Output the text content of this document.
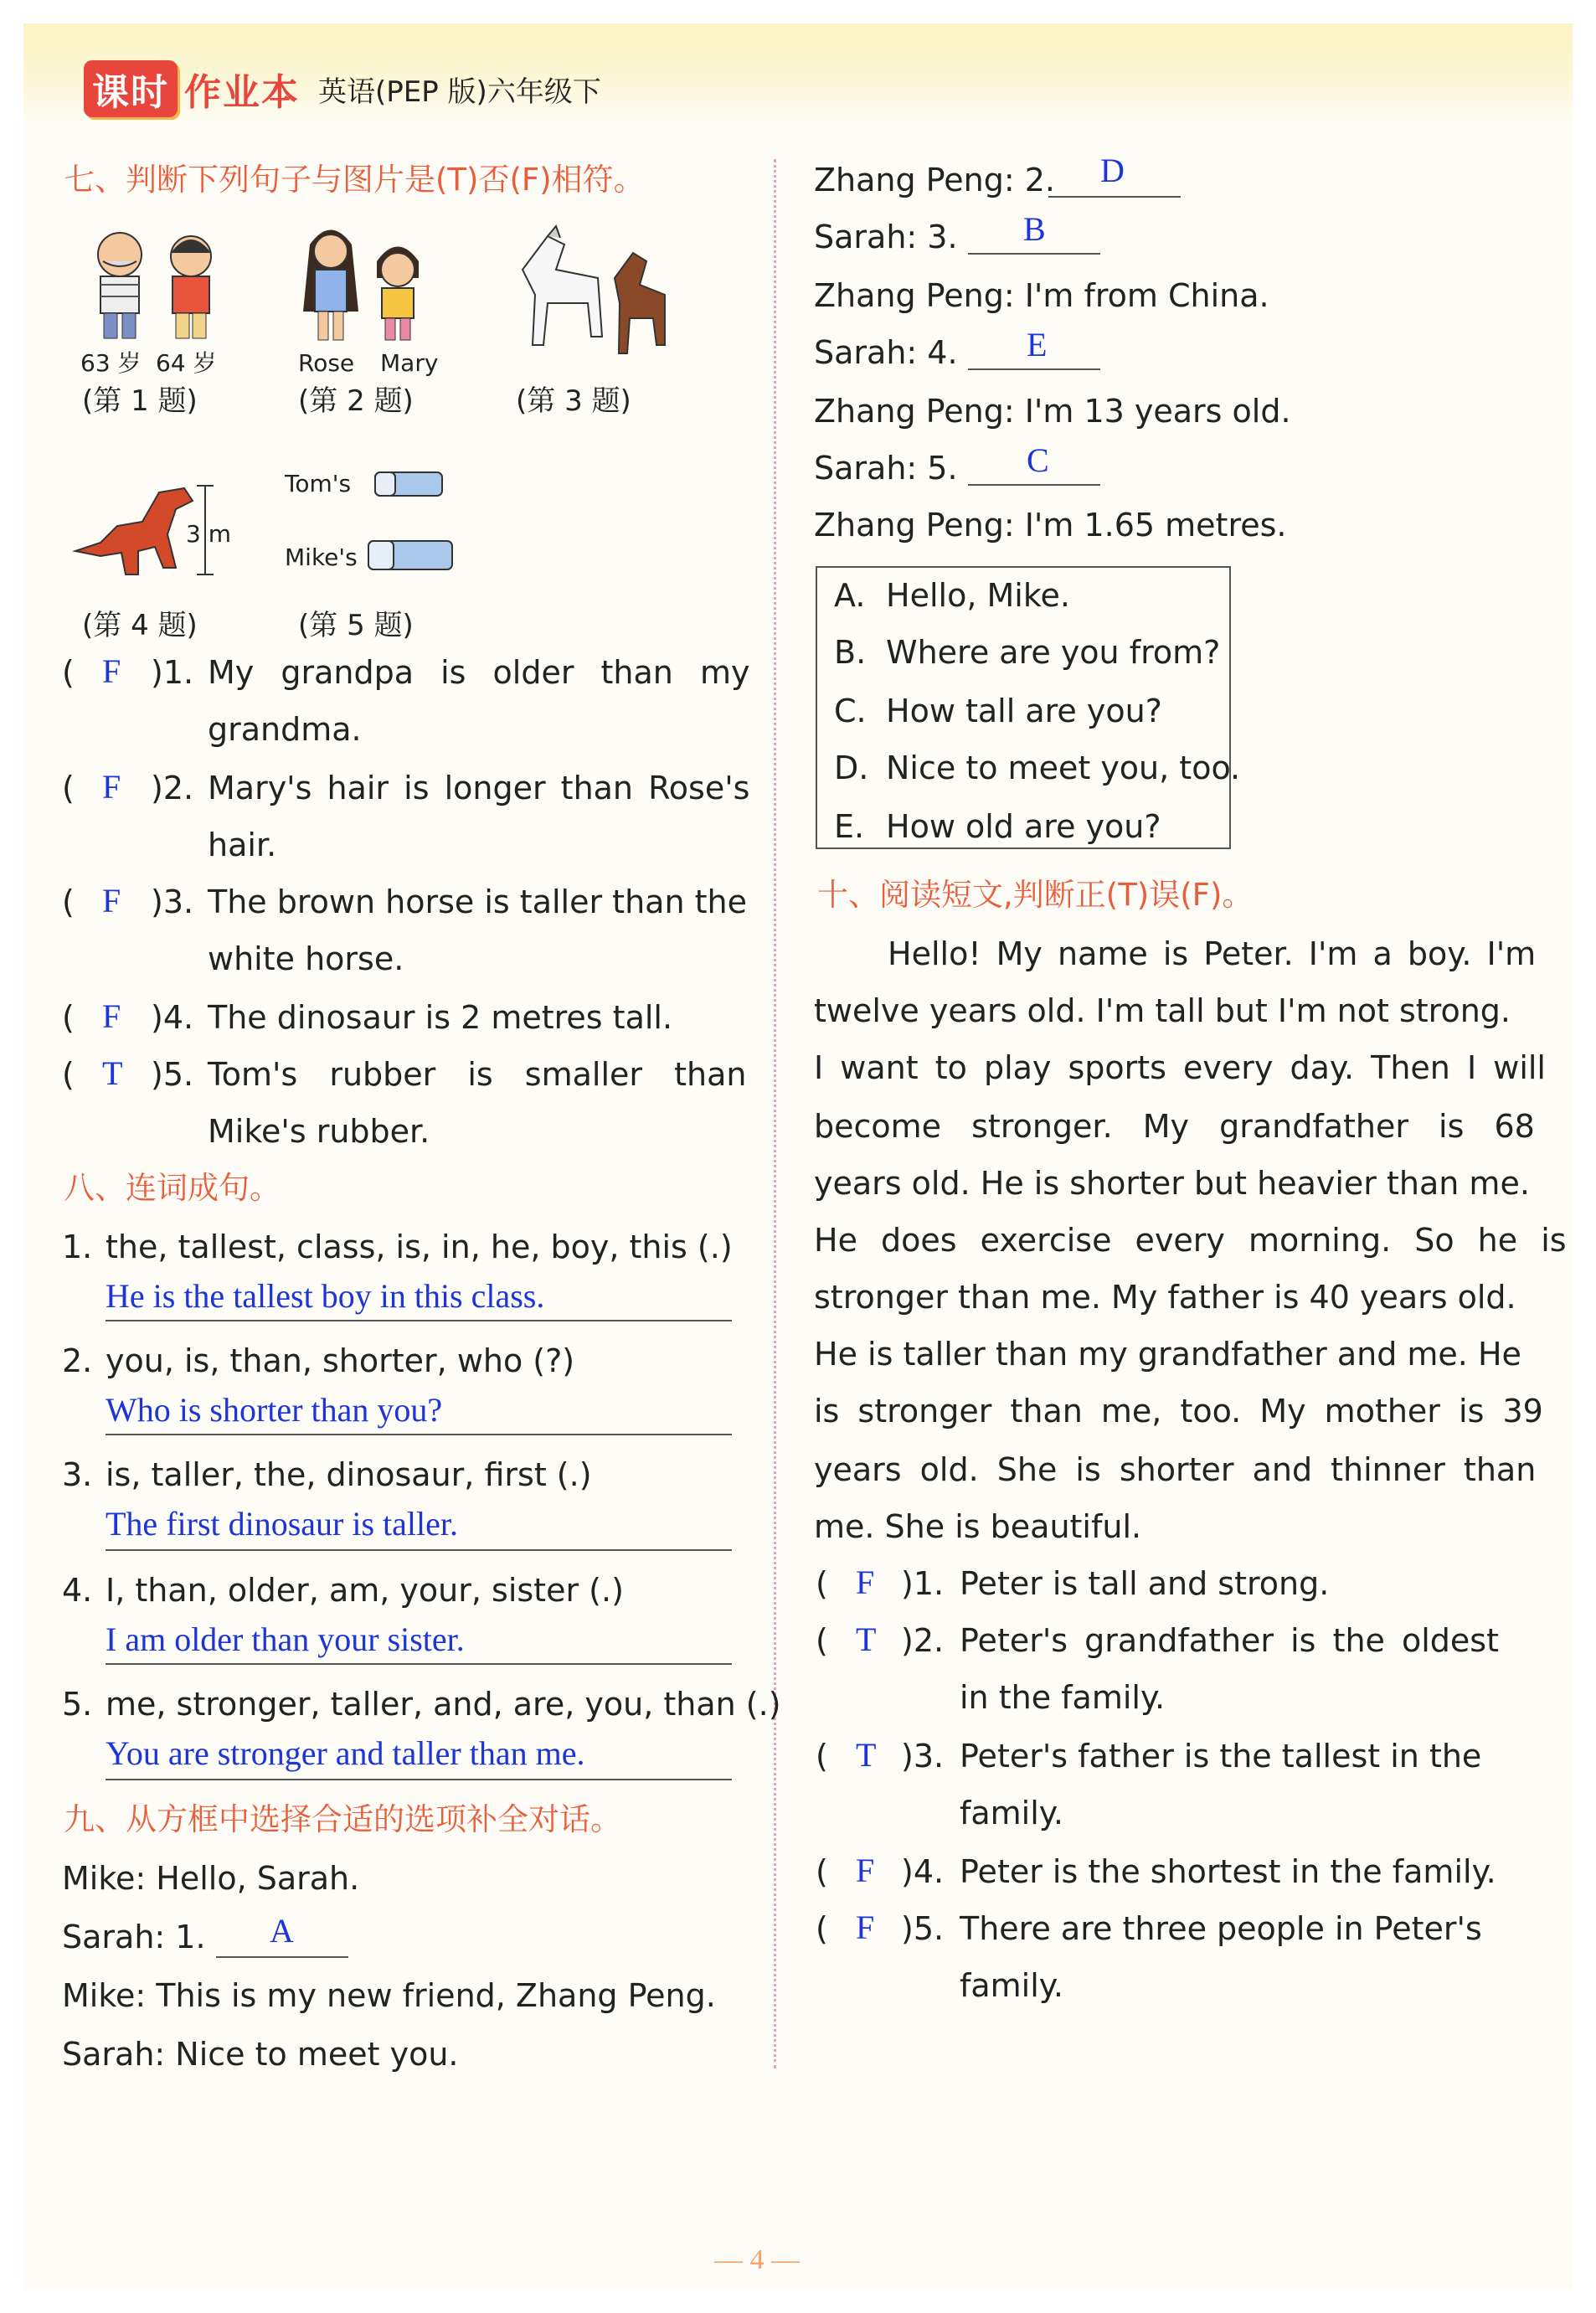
课时 作业本 英语(PEP 版)六年级下
七、判断下列句子与图片是(T)否(F)相符。
63 岁 64 岁	Rose Mary
(第 1 题)	(第 2 题)	(第 3 题)
3 m
Tom's
Mike's
(第 4 题)	(第 5 题)
( F )1. My grandpa is older than my
grandma.
( F )2. Mary's hair is longer than Rose's
hair.
( F )3. The brown horse is taller than the
white horse.
( F )4. The dinosaur is 2 metres tall.
( T )5. Tom's rubber is smaller than
Mike's rubber.
八、连词成句。
1. the, tallest, class, is, in, he, boy, this (.)
He is the tallest boy in this class.
2. you, is, than, shorter, who (?)
Who is shorter than you?
3. is, taller, the, dinosaur, first (.)
The first dinosaur is taller.
4. I, than, older, am, your, sister (.)
I am older than your sister.
5. me, stronger, taller, and, are, you, than (.)
You are stronger and taller than me.
九、从方框中选择合适的选项补全对话。
Mike: Hello, Sarah.
Sarah: 1. A
Mike: This is my new friend, Zhang Peng.
Sarah: Nice to meet you.
Zhang Peng: 2. D
Sarah: 3. B
Zhang Peng: I'm from China.
Sarah: 4. E
Zhang Peng: I'm 13 years old.
Sarah: 5. C
Zhang Peng: I'm 1.65 metres.
A. Hello, Mike.
B. Where are you from?
C. How tall are you?
D. Nice to meet you, too.
E. How old are you?
十、阅读短文,判断正(T)误(F)。
Hello! My name is Peter. I'm a boy. I'm
twelve years old. I'm tall but I'm not strong.
I want to play sports every day. Then I will
become stronger. My grandfather is 68
years old. He is shorter but heavier than me.
He does exercise every morning. So he is
stronger than me. My father is 40 years old.
He is taller than my grandfather and me. He
is stronger than me, too. My mother is 39
years old. She is shorter and thinner than
me. She is beautiful.
( F )1. Peter is tall and strong.
( T )2. Peter's grandfather is the oldest
in the family.
( T )3. Peter's father is the tallest in the
family.
( F )4. Peter is the shortest in the family.
( F )5. There are three people in Peter's
family.
— 4 —
